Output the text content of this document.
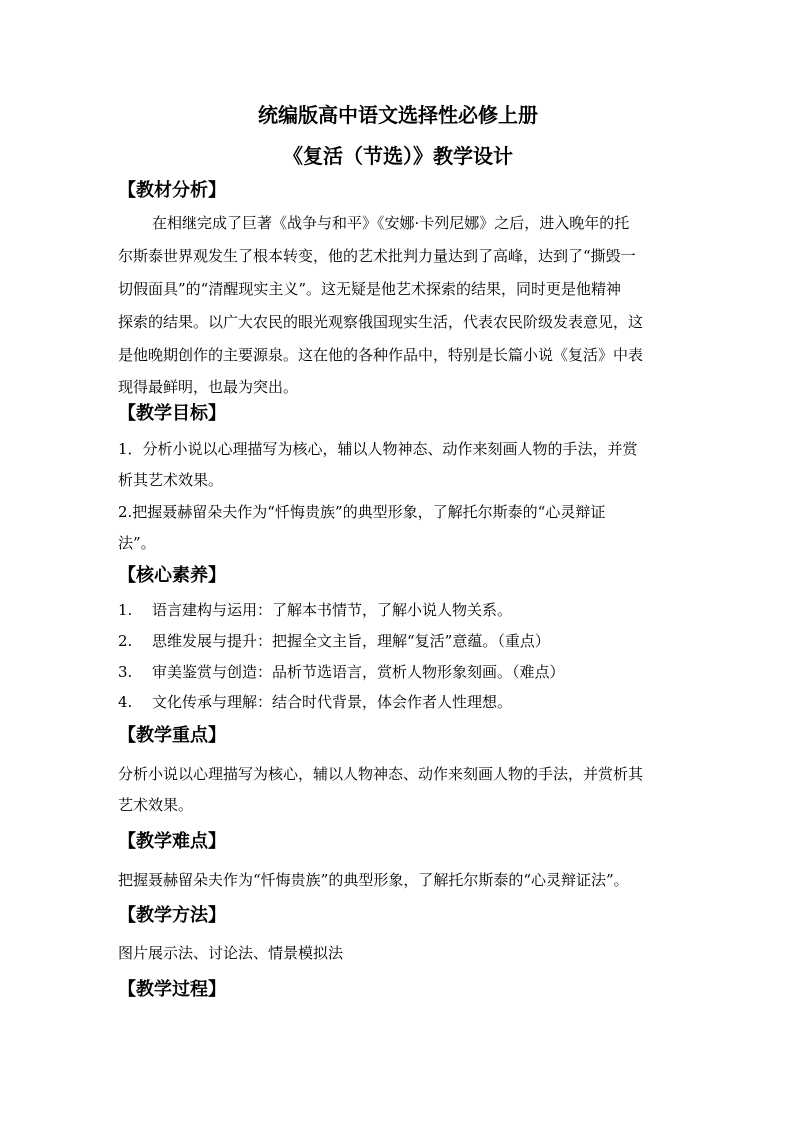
统编版高中语文选择性必修上册
《复活（节选）》教学设计
【教材分析】
在相继完成了巨著《战争与和平》《安娜·卡列尼娜》之后，进入晚年的托
尔斯泰世界观发生了根本转变，他的艺术批判力量达到了高峰，达到了“撕毁一
切假面具”的“清醒现实主义”。这无疑是他艺术探索的结果，同时更是他精神
探索的结果。以广大农民的眼光观察俄国现实生活，代表农民阶级发表意见，这
是他晚期创作的主要源泉。这在他的各种作品中，特别是长篇小说《复活》中表
现得最鲜明，也最为突出。
【教学目标】
1．分析小说以心理描写为核心，辅以人物神态、动作来刻画人物的手法，并赏
析其艺术效果。
2.把握聂赫留朵夫作为“忏悔贵族”的典型形象，了解托尔斯泰的“心灵辩证
法”。
【核心素养】
1. 语言建构与运用：了解本书情节，了解小说人物关系。
2. 思维发展与提升：把握全文主旨，理解“复活”意蕴。（重点）
3. 审美鉴赏与创造：品析节选语言，赏析人物形象刻画。（难点）
4. 文化传承与理解：结合时代背景，体会作者人性理想。
【教学重点】
分析小说以心理描写为核心，辅以人物神态、动作来刻画人物的手法，并赏析其
艺术效果。
【教学难点】
把握聂赫留朵夫作为“忏悔贵族”的典型形象，了解托尔斯泰的“心灵辩证法”。
【教学方法】
图片展示法、讨论法、情景模拟法
【教学过程】
